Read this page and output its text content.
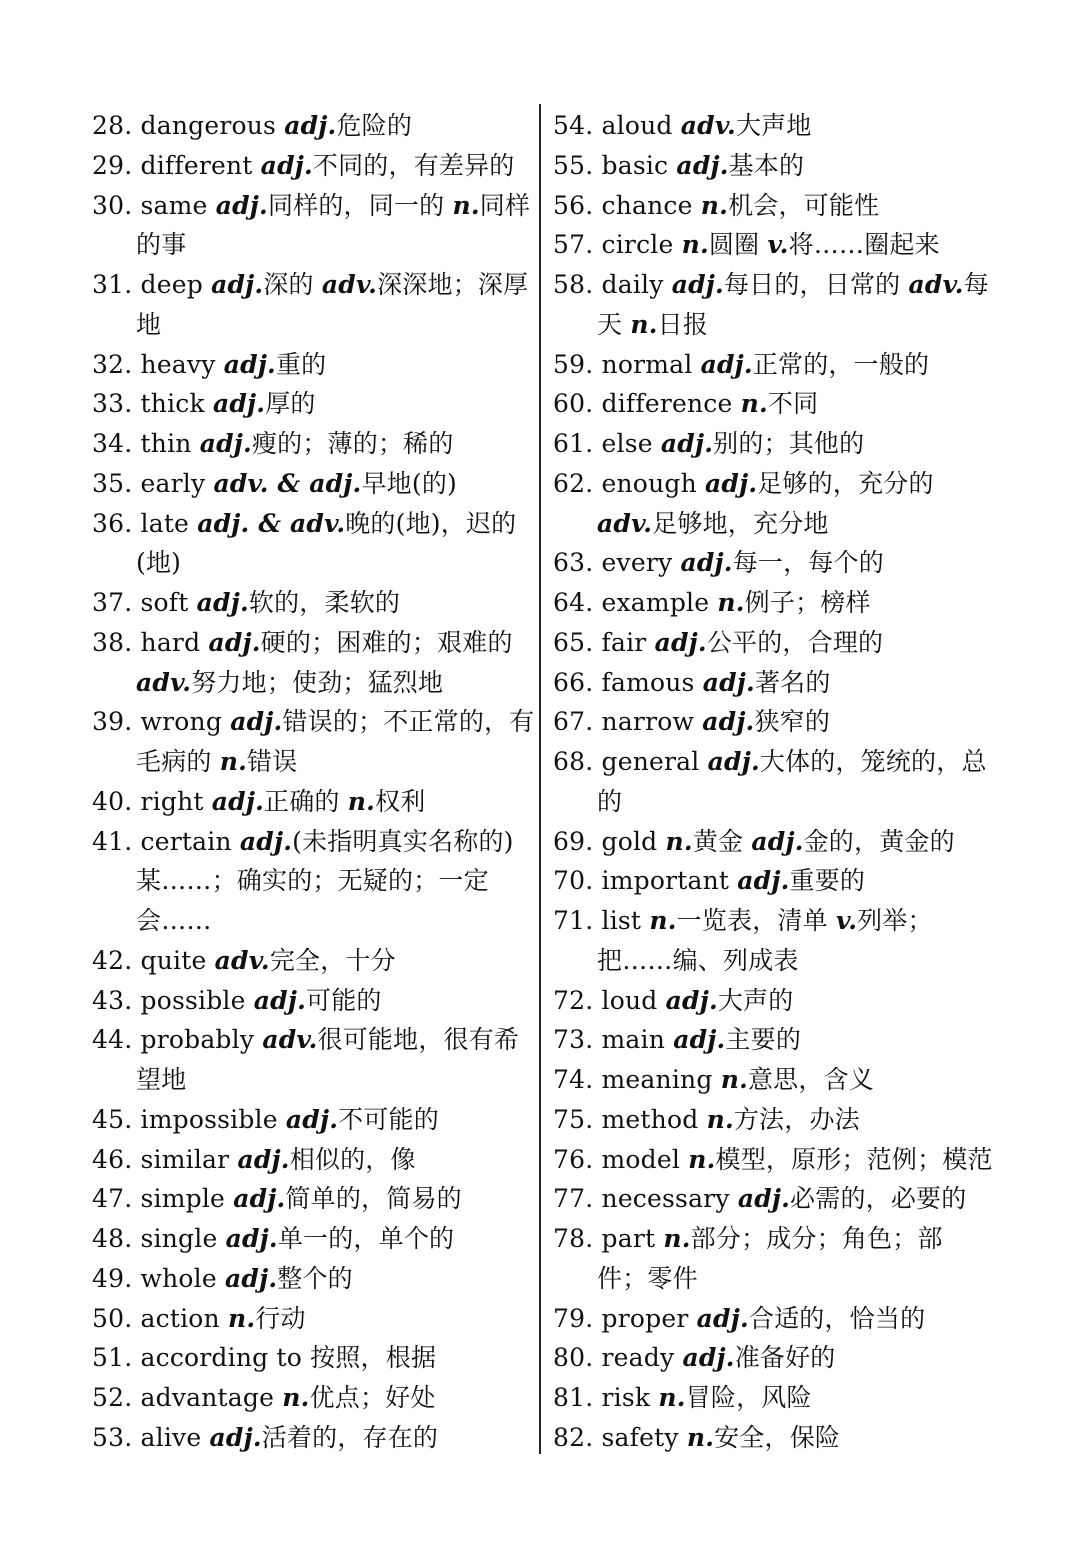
28. dangerous adj.危险的
29. different adj.不同的，有差异的
30. same adj.同样的，同一的 n.同样的事
31. deep adj.深的 adv.深深地；深厚地
32. heavy adj.重的
33. thick adj.厚的
34. thin adj.瘦的；薄的；稀的
35. early adv. & adj.早地(的)
36. late adj. & adv.晚的(地)，迟的(地)
37. soft adj.软的，柔软的
38. hard adj.硬的；困难的；艰难的 adv.努力地；使劲；猛烈地
39. wrong adj.错误的；不正常的，有毛病的 n.错误
40. right adj.正确的 n.权利
41. certain adj.(未指明真实名称的)某……；确实的；无疑的；一定会……
42. quite adv.完全，十分
43. possible adj.可能的
44. probably adv.很可能地，很有希望地
45. impossible adj.不可能的
46. similar adj.相似的，像
47. simple adj.简单的，简易的
48. single adj.单一的，单个的
49. whole adj.整个的
50. action n.行动
51. according to 按照，根据
52. advantage n.优点；好处
53. alive adj.活着的，存在的
54. aloud adv.大声地
55. basic adj.基本的
56. chance n.机会，可能性
57. circle n.圆圈 v.将……圈起来
58. daily adj.每日的，日常的 adv.每天 n.日报
59. normal adj.正常的，一般的
60. difference n.不同
61. else adj.别的；其他的
62. enough adj.足够的，充分的 adv.足够地，充分地
63. every adj.每一，每个的
64. example n.例子；榜样
65. fair adj.公平的，合理的
66. famous adj.著名的
67. narrow adj.狭窄的
68. general adj.大体的，笼统的，总的
69. gold n.黄金 adj.金的，黄金的
70. important adj.重要的
71. list n.一览表，清单 v.列举；把……编、列成表
72. loud adj.大声的
73. main adj.主要的
74. meaning n.意思，含义
75. method n.方法，办法
76. model n.模型，原形；范例；模范
77. necessary adj.必需的，必要的
78. part n.部分；成分；角色；部件；零件
79. proper adj.合适的，恰当的
80. ready adj.准备好的
81. risk n.冒险，风险
82. safety n.安全，保险
